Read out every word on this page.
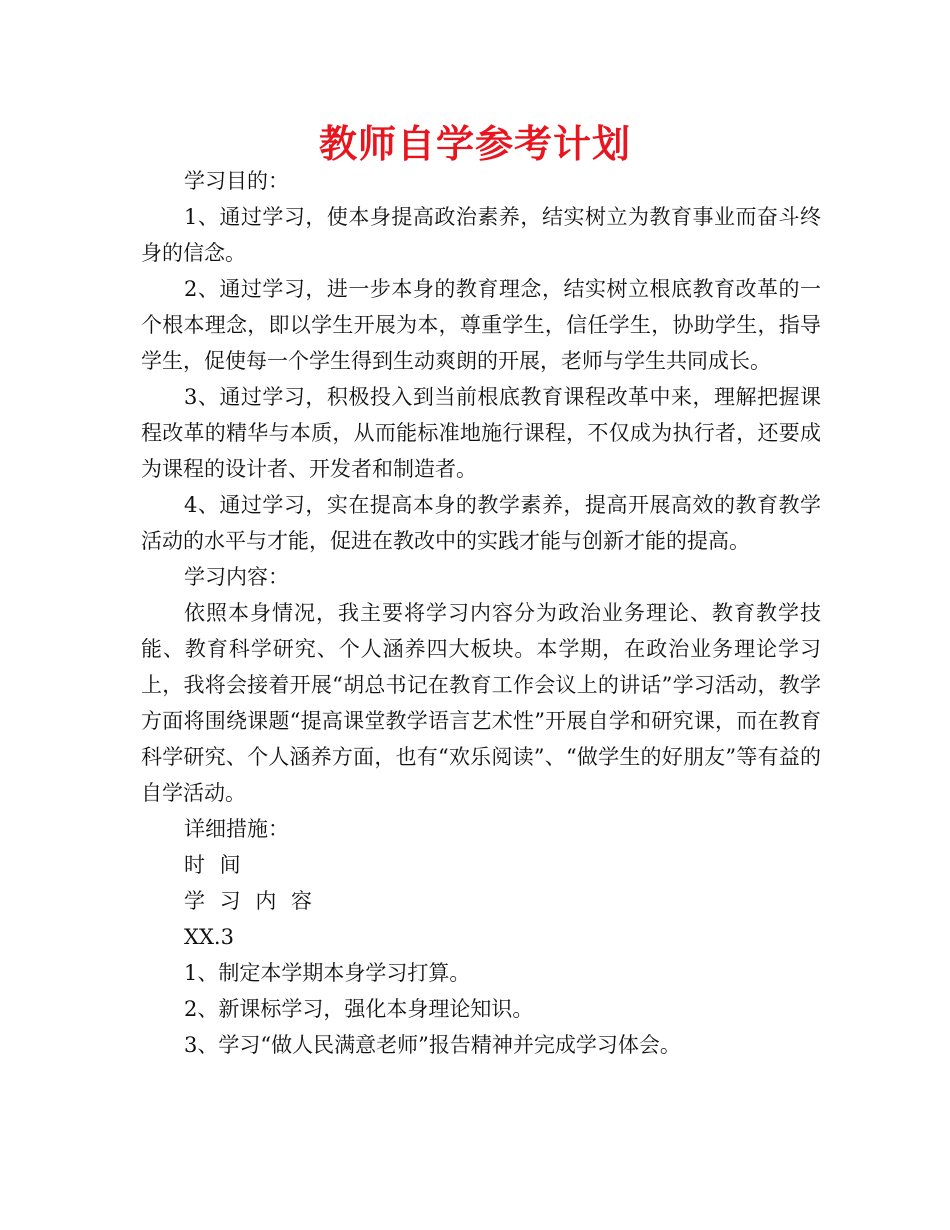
教师自学参考计划

学习目的：

1、通过学习，使本身提高政治素养，结实树立为教育事业而奋斗终身的信念。

2、通过学习，进一步本身的教育理念，结实树立根底教育改革的一个根本理念，即以学生开展为本，尊重学生，信任学生，协助学生，指导学生，促使每一个学生得到生动爽朗的开展，老师与学生共同成长。

3、通过学习，积极投入到当前根底教育课程改革中来，理解把握课程改革的精华与本质，从而能标准地施行课程，不仅成为执行者，还要成为课程的设计者、开发者和制造者。

4、通过学习，实在提高本身的教学素养，提高开展高效的教育教学活动的水平与才能，促进在教改中的实践才能与创新才能的提高。

学习内容：

依照本身情况，我主要将学习内容分为政治业务理论、教育教学技能、教育科学研究、个人涵养四大板块。本学期，在政治业务理论学习上，我将会接着开展“胡总书记在教育工作会议上的讲话”学习活动，教学方面将围绕课题“提高课堂教学语言艺术性”开展自学和研究课，而在教育科学研究、个人涵养方面，也有“欢乐阅读”、“做学生的好朋友”等有益的自学活动。

详细措施：

时 间

学 习 内 容

XX.3

1、制定本学期本身学习打算。

2、新课标学习，强化本身理论知识。

3、学习“做人民满意老师”报告精神并完成学习体会。
